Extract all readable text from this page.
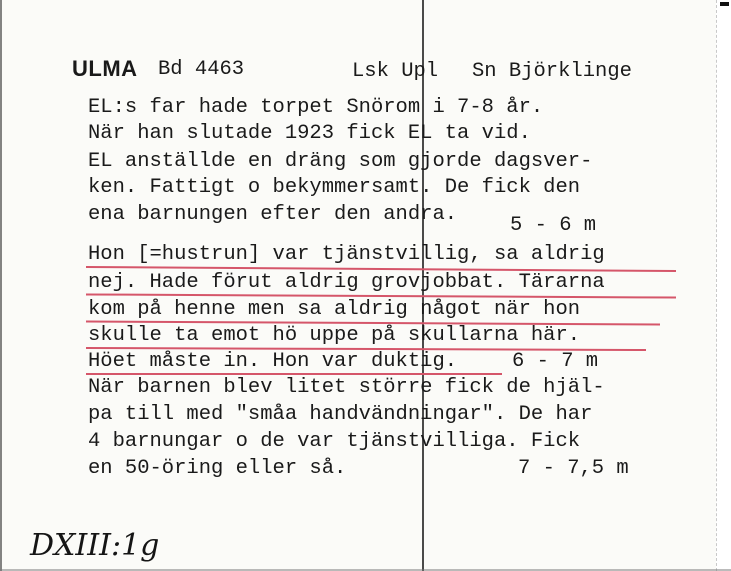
ULMA Bd 4463	Lsk Upl Sn Björklinge
EL:s far hade torpet Snörom i 7-8 år.
När han slutade 1923 fick EL ta vid.
EL anställde en dräng som gjorde dagsver-
ken. Fattigt o bekymmersamt. De fick den
ena barnungen efter den andra.	5 - 6 m
Hon [=hustrun] var tjänstvillig, sa aldrig
nej. Hade förut aldrig grovjobbat. Tärarna
kom på henne men sa aldrig något när hon
skulle ta emot hö uppe på skullarna här.
Höet måste in. Hon var duktig.	6 - 7 m
När barnen blev litet större fick de hjäl-
pa till med "småa handvändningar". De har
4 barnungar o de var tjänstvilliga. Fick
en 50-öring eller så.	7 - 7,5 m
DXIII:1g
